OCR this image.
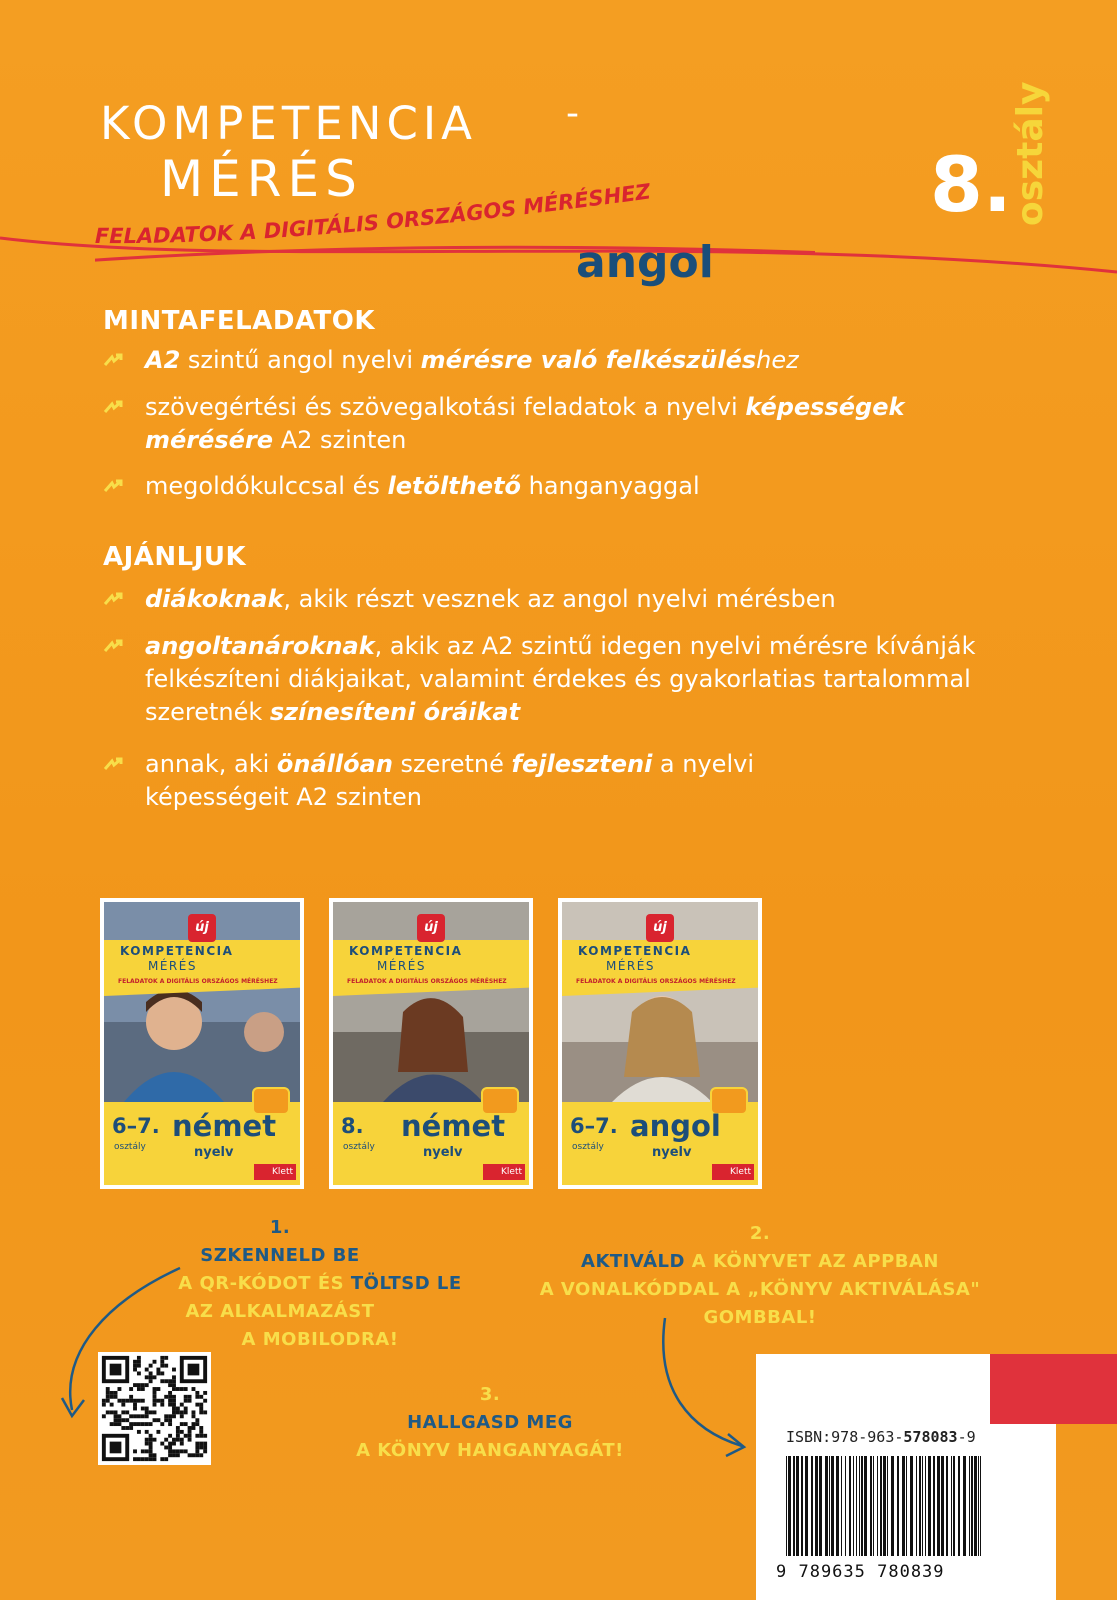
KOMPETENCIA -
MÉRÉS
FELADATOK A DIGITÁLIS ORSZÁGOS MÉRÉSHEZ	8.
osztály
angol
MINTAFELADATOK
A2 szintű angol nyelvi mérésre való felkészüléshez
szövegértési és szövegalkotási feladatok a nyelvi képességek mérésére A2 szinten
megoldókulccsal és letölthető hanganyaggal
AJÁNLJUK
diákoknak, akik részt vesznek az angol nyelvi mérésben
angoltanároknak, akik az A2 szintű idegen nyelvi mérésre kívánják felkészíteni diákjaikat, valamint érdekes és gyakorlatias tartalommal szeretnék színesíteni óráikat
annak, aki önállóan szeretné fejleszteni a nyelvi képességeit A2 szinten
új
KOMPETENCIA
MÉRÉS
FELADATOK A DIGITÁLIS ORSZÁGOS MÉRÉSHEZ
6–7.
osztály
német
nyelv
Klett
új
KOMPETENCIA
MÉRÉS
FELADATOK A DIGITÁLIS ORSZÁGOS MÉRÉSHEZ
8.
osztály
német
nyelv
Klett
új
KOMPETENCIA
MÉRÉS
FELADATOK A DIGITÁLIS ORSZÁGOS MÉRÉSHEZ
6–7.
osztály
angol
nyelv
Klett
1.
SZKENNELD BE
A QR-KÓDOT ÉS TÖLTSD LE
AZ ALKALMAZÁST
A MOBILODRA!
2.
AKTIVÁLD A KÖNYVET AZ APPBAN
A VONALKÓDDAL A „KÖNYV AKTIVÁLÁSA"
GOMBBAL!
3.
HALLGASD MEG
A KÖNYV HANGANYAGÁT!
ISBN:978-963-578083-9
9 789635 780839
